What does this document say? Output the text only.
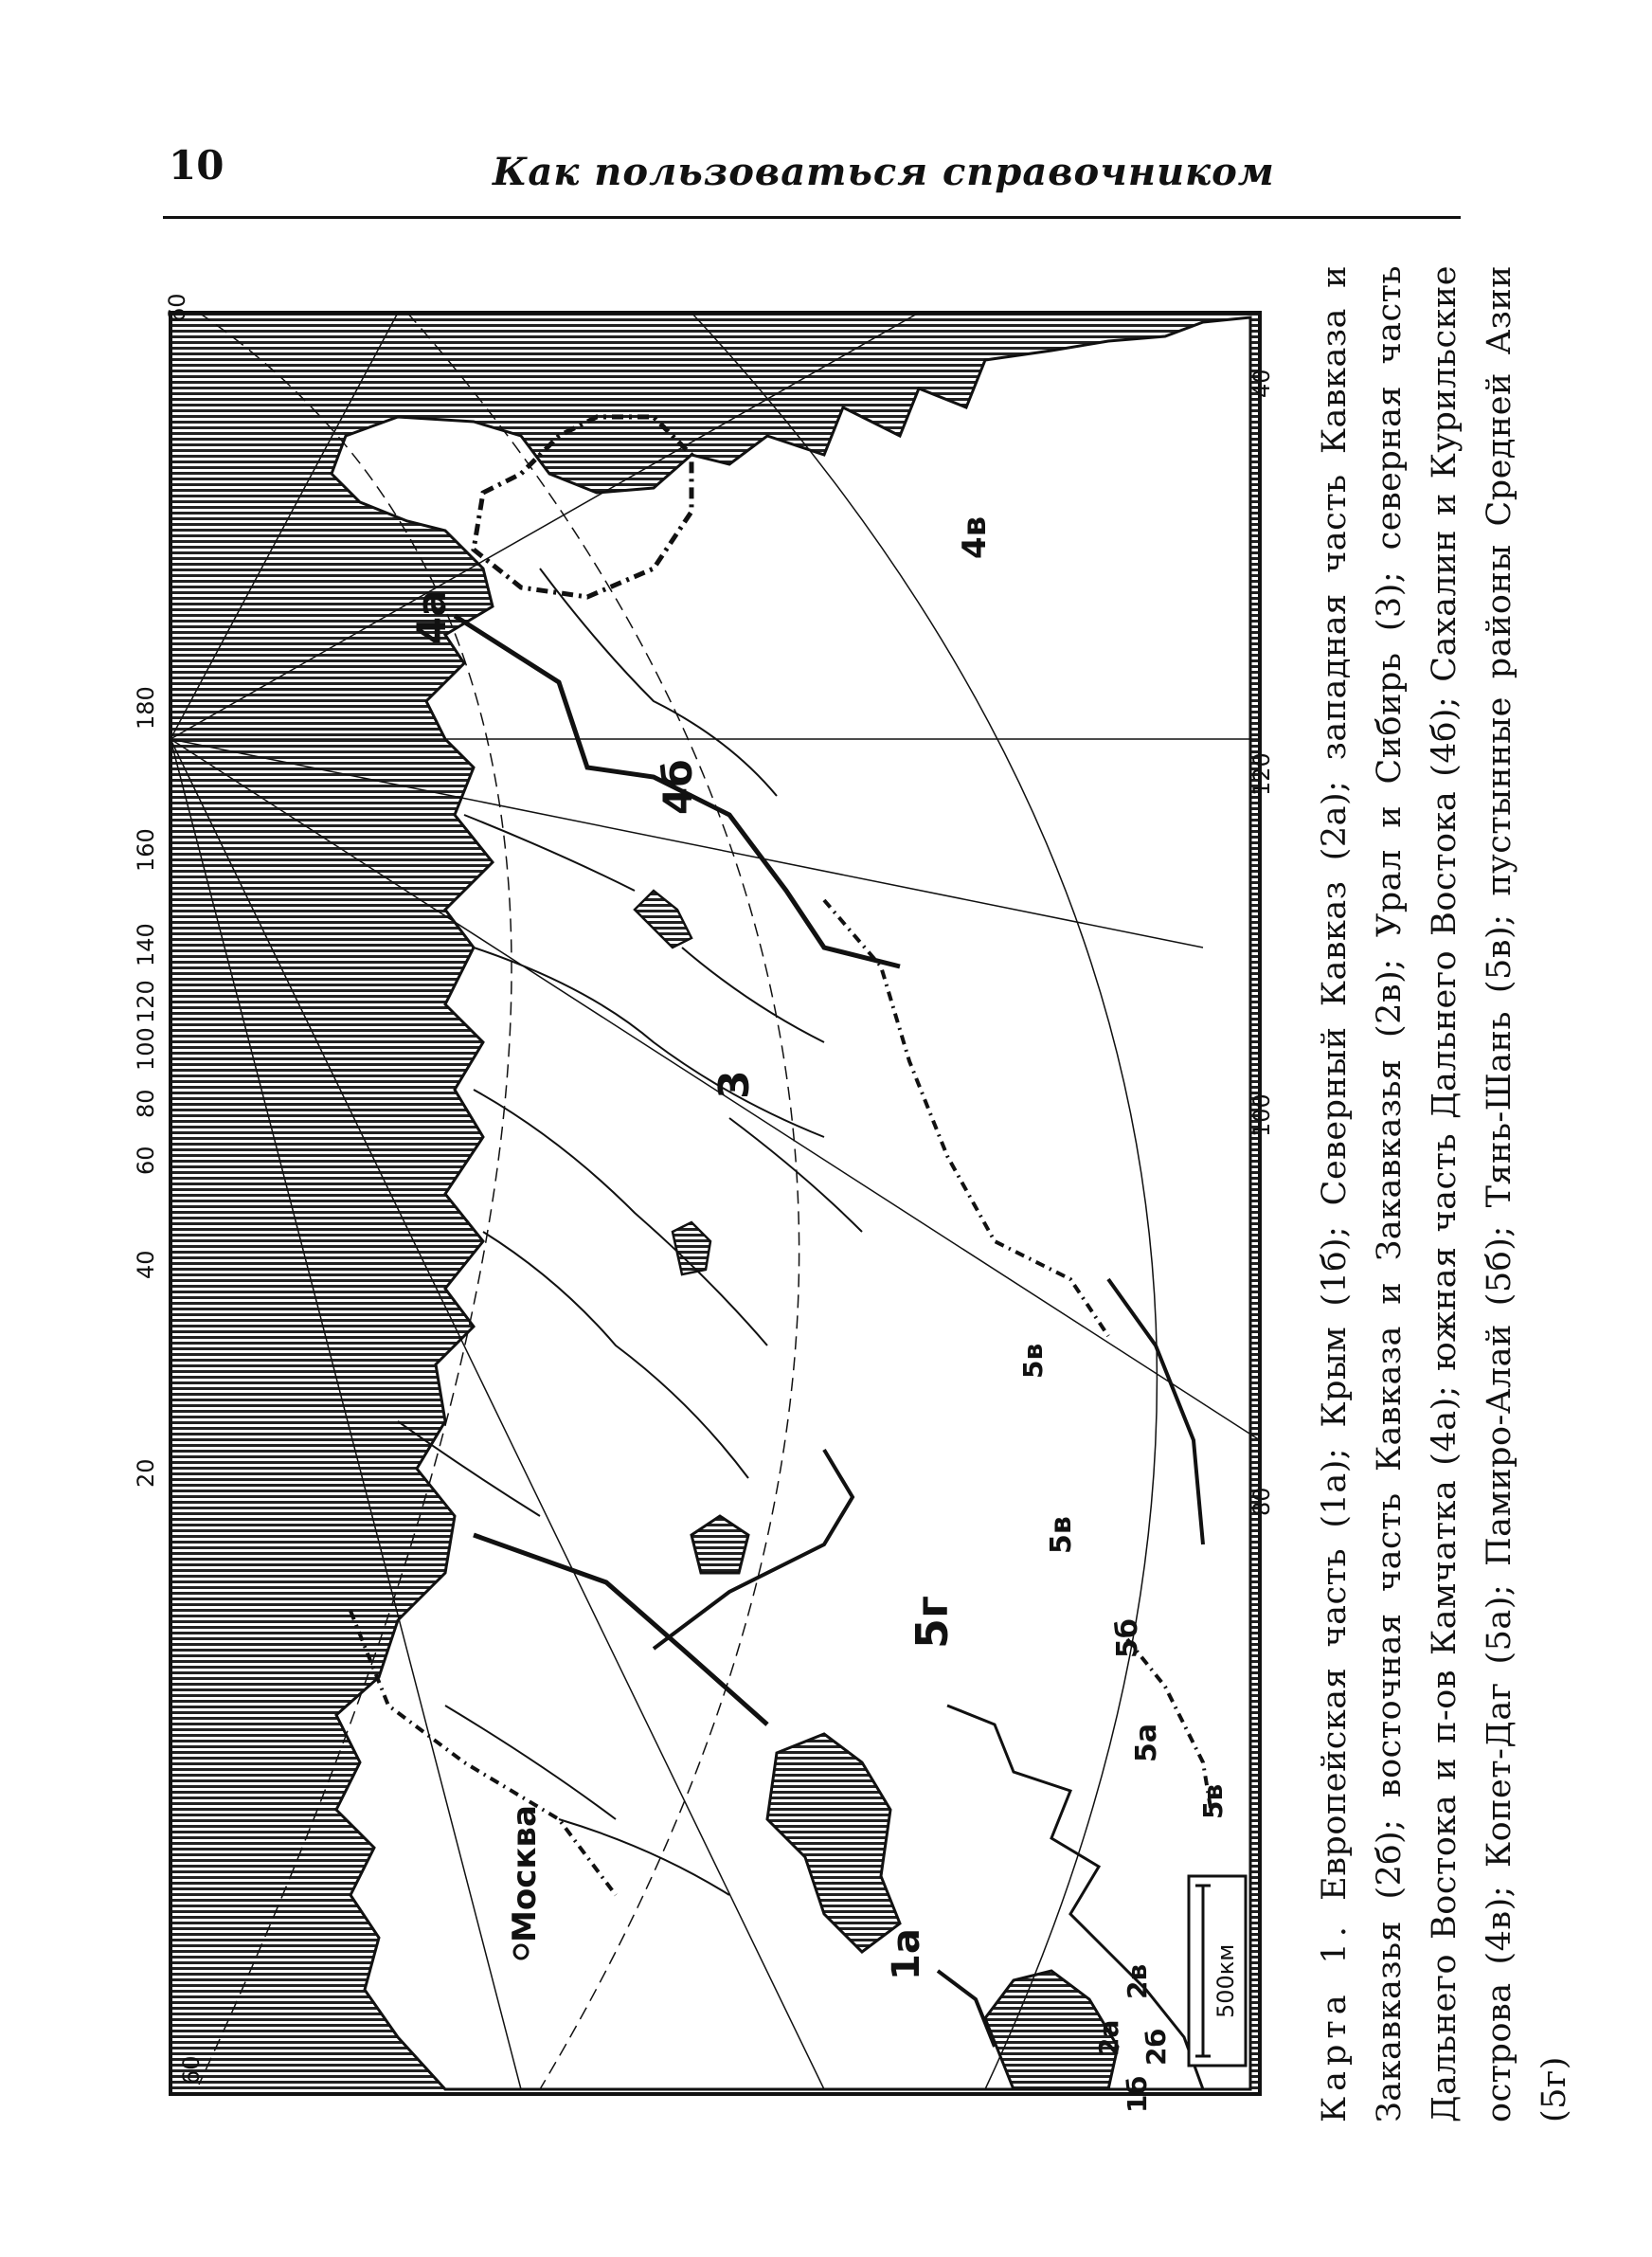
10	Как пользоваться справочником
1а
1б
2а 2б
2в
3
4а
4б
4в
5а
5б
5в
5в
5г
5в
Москва
20
40
60
80
100
120
140
160
180
40
60
60
80
100
120
500км Карта 1. Европейская часть (1а); Крым (1б); Северный Кавказ (2а); западная часть Кавказа и Закавказья (2б); восточная часть Кавказа и Закавказья (2в); Урал и Сибирь (3); северная часть Дальнего Востока и п-ов Камчатка (4а); южная часть Дальнего Востока (4б); Сахалин и Курильские острова (4в); Копет-Даг (5а); Памиро-Алай (5б); Тянь-Шань (5в); пустынные районы Средней Азии (5г)
